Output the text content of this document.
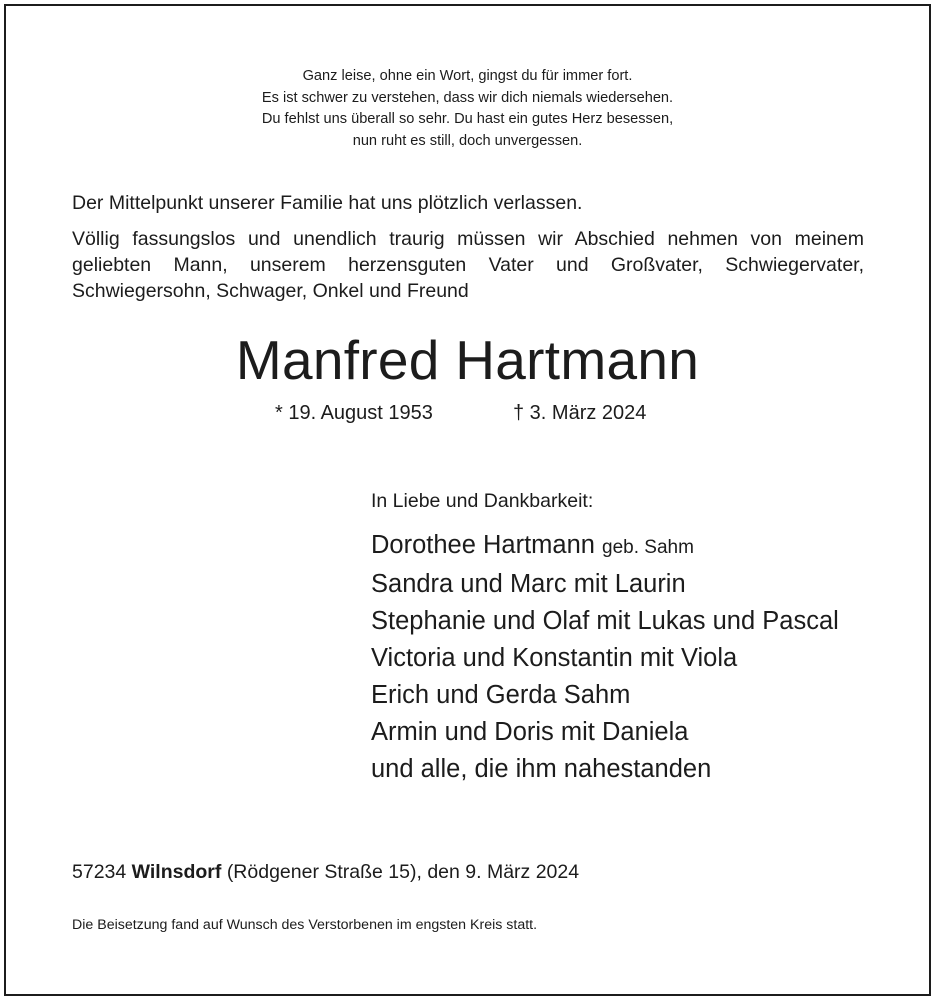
Ganz leise, ohne ein Wort, gingst du für immer fort.
Es ist schwer zu verstehen, dass wir dich niemals wiedersehen.
Du fehlst uns überall so sehr. Du hast ein gutes Herz besessen,
nun ruht es still, doch unvergessen.
Der Mittelpunkt unserer Familie hat uns plötzlich verlassen.
Völlig fassungslos und unendlich traurig müssen wir Abschied nehmen von meinem geliebten Mann, unserem herzensguten Vater und Großvater, Schwiegervater, Schwiegersohn, Schwager, Onkel und Freund
Manfred Hartmann
* 19. August 1953	† 3. März 2024
In Liebe und Dankbarkeit:
Dorothee Hartmann geb. Sahm
Sandra und Marc mit Laurin
Stephanie und Olaf mit Lukas und Pascal
Victoria und Konstantin mit Viola
Erich und Gerda Sahm
Armin und Doris mit Daniela
und alle, die ihm nahestanden
57234 Wilnsdorf (Rödgener Straße 15), den 9. März 2024
Die Beisetzung fand auf Wunsch des Verstorbenen im engsten Kreis statt.
